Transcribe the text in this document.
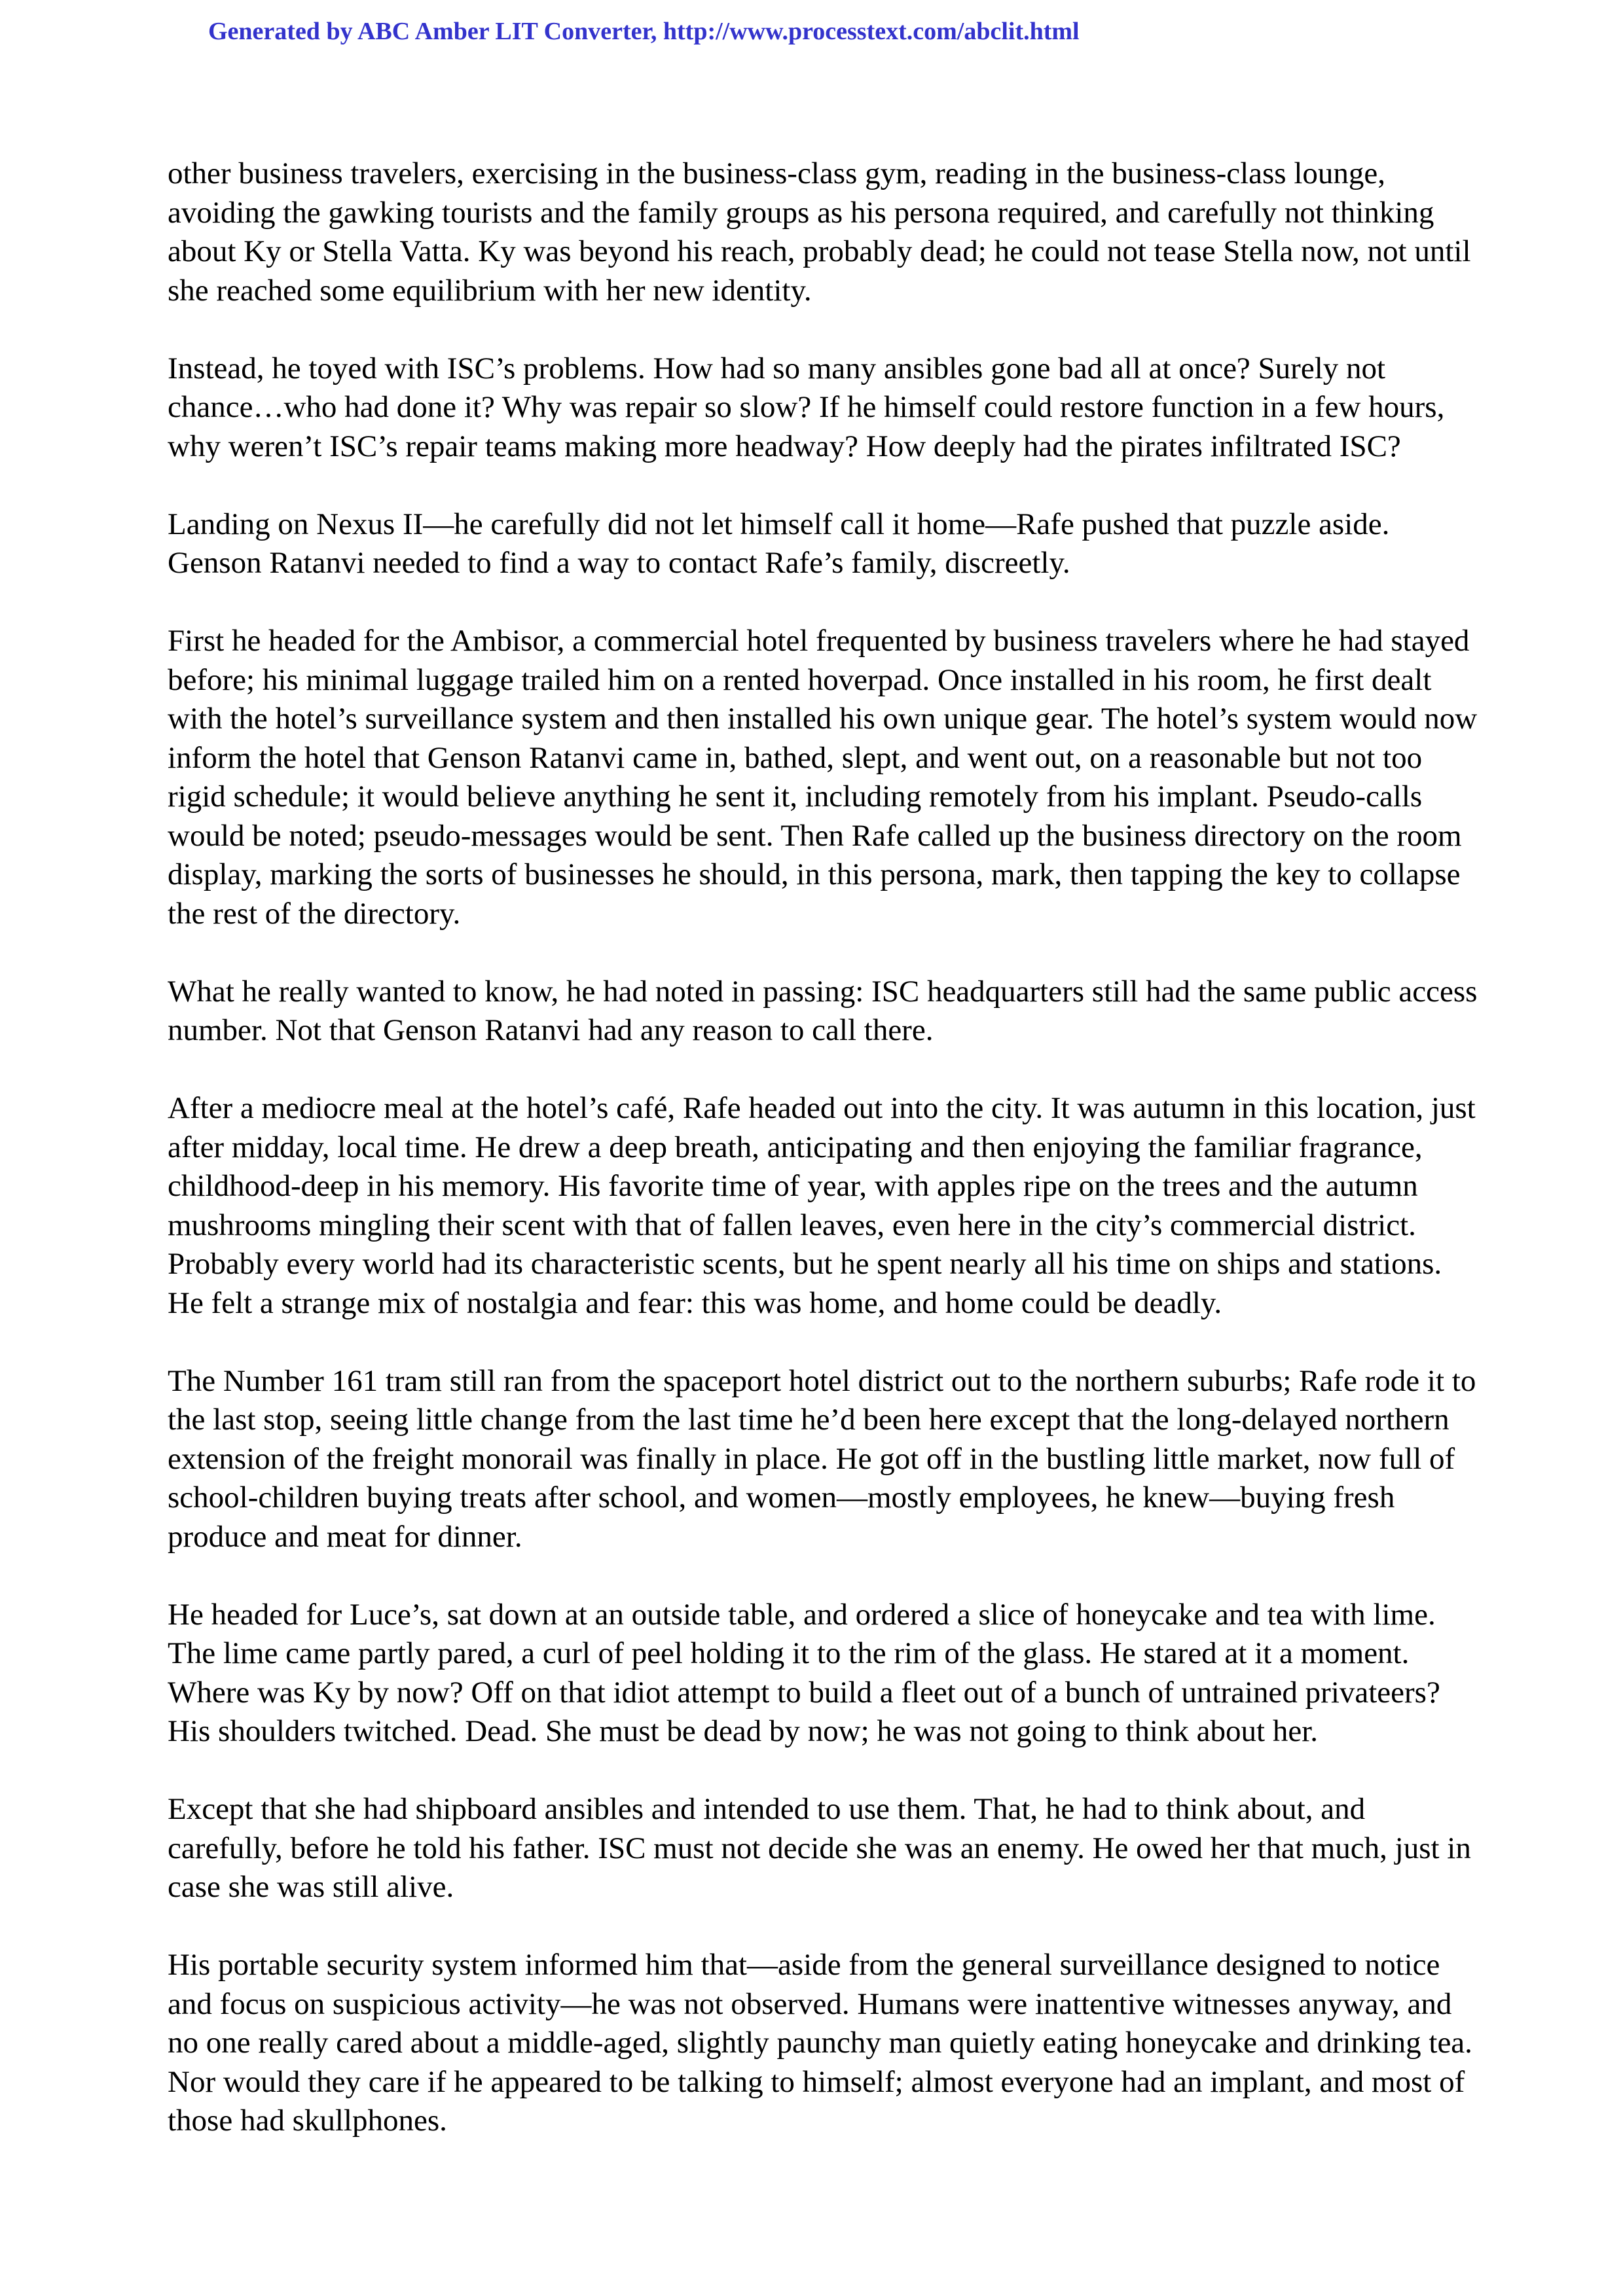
Generated by ABC Amber LIT Converter, http://www.processtext.com/abclit.html

other business travelers, exercising in the business-class gym, reading in the business-class lounge, avoiding the gawking tourists and the family groups as his persona required, and carefully not thinking about Ky or Stella Vatta. Ky was beyond his reach, probably dead; he could not tease Stella now, not until she reached some equilibrium with her new identity.

Instead, he toyed with ISC’s problems. How had so many ansibles gone bad all at once? Surely not chance…who had done it? Why was repair so slow? If he himself could restore function in a few hours, why weren’t ISC’s repair teams making more headway? How deeply had the pirates infiltrated ISC?

Landing on Nexus II—he carefully did not let himself call it home—Rafe pushed that puzzle aside. Genson Ratanvi needed to find a way to contact Rafe’s family, discreetly.

First he headed for the Ambisor, a commercial hotel frequented by business travelers where he had stayed before; his minimal luggage trailed him on a rented hoverpad. Once installed in his room, he first dealt with the hotel’s surveillance system and then installed his own unique gear. The hotel’s system would now inform the hotel that Genson Ratanvi came in, bathed, slept, and went out, on a reasonable but not too rigid schedule; it would believe anything he sent it, including remotely from his implant. Pseudo-calls would be noted; pseudo-messages would be sent. Then Rafe called up the business directory on the room display, marking the sorts of businesses he should, in this persona, mark, then tapping the key to collapse the rest of the directory.

What he really wanted to know, he had noted in passing: ISC headquarters still had the same public access number. Not that Genson Ratanvi had any reason to call there.

After a mediocre meal at the hotel’s café, Rafe headed out into the city. It was autumn in this location, just after midday, local time. He drew a deep breath, anticipating and then enjoying the familiar fragrance, childhood-deep in his memory. His favorite time of year, with apples ripe on the trees and the autumn mushrooms mingling their scent with that of fallen leaves, even here in the city’s commercial district. Probably every world had its characteristic scents, but he spent nearly all his time on ships and stations. He felt a strange mix of nostalgia and fear: this was home, and home could be deadly.

The Number 161 tram still ran from the spaceport hotel district out to the northern suburbs; Rafe rode it to the last stop, seeing little change from the last time he’d been here except that the long-delayed northern extension of the freight monorail was finally in place. He got off in the bustling little market, now full of school-children buying treats after school, and women—mostly employees, he knew—buying fresh produce and meat for dinner.

He headed for Luce’s, sat down at an outside table, and ordered a slice of honeycake and tea with lime. The lime came partly pared, a curl of peel holding it to the rim of the glass. He stared at it a moment. Where was Ky by now? Off on that idiot attempt to build a fleet out of a bunch of untrained privateers? His shoulders twitched. Dead. She must be dead by now; he was not going to think about her.

Except that she had shipboard ansibles and intended to use them. That, he had to think about, and carefully, before he told his father. ISC must not decide she was an enemy. He owed her that much, just in case she was still alive.

His portable security system informed him that—aside from the general surveillance designed to notice and focus on suspicious activity—he was not observed. Humans were inattentive witnesses anyway, and no one really cared about a middle-aged, slightly paunchy man quietly eating honeycake and drinking tea. Nor would they care if he appeared to be talking to himself; almost everyone had an implant, and most of those had skullphones.
